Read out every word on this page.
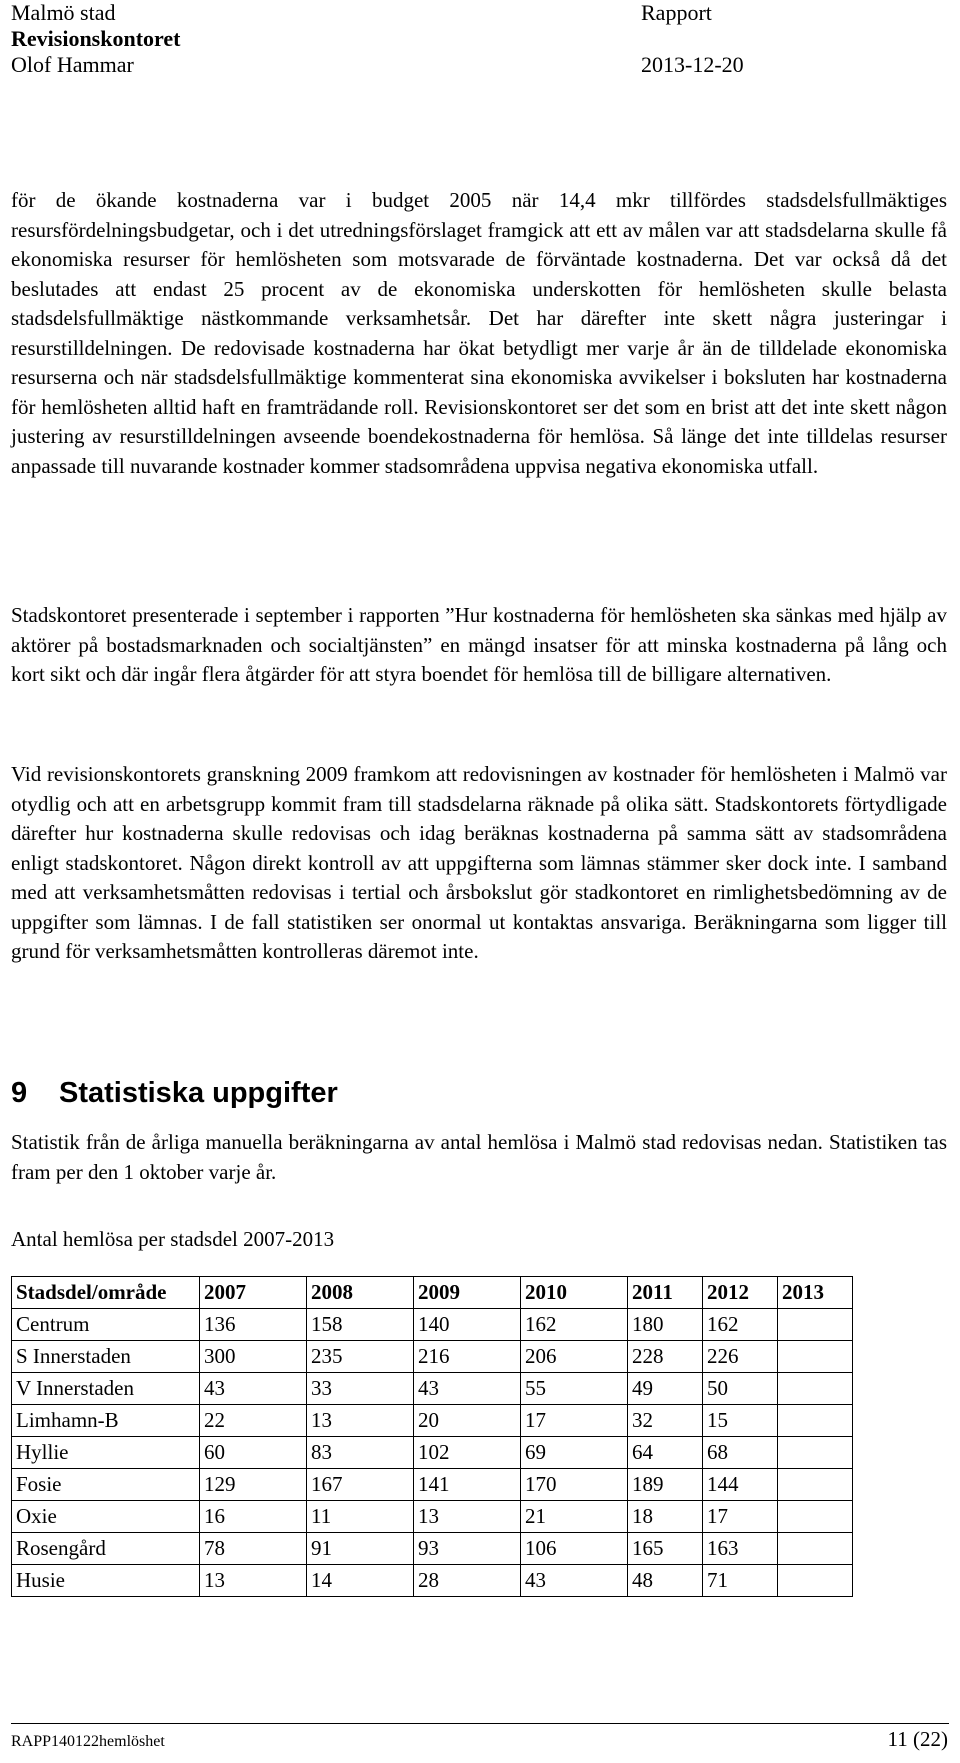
Malmö stad	Rapport
Revisionskontoret
Olof Hammar	2013-12-20

för de ökande kostnaderna var i budget 2005 när 14,4 mkr tillfördes stadsdelsfullmäktiges resursfördelningsbudgetar, och i det utredningsförslaget framgick att ett av målen var att stadsdelarna skulle få ekonomiska resurser för hemlösheten som motsvarade de förväntade kostnaderna. Det var också då det beslutades att endast 25 procent av de ekonomiska underskotten för hemlösheten skulle belasta stadsdelsfullmäktige nästkommande verksamhetsår. Det har därefter inte skett några justeringar i resurstilldelningen. De redovisade kostnaderna har ökat betydligt mer varje år än de tilldelade ekonomiska resurserna och när stadsdelsfullmäktige kommenterat sina ekonomiska avvikelser i boksluten har kostnaderna för hemlösheten alltid haft en framträdande roll. Revisionskontoret ser det som en brist att det inte skett någon justering av resurstilldelningen avseende boendekostnaderna för hemlösa. Så länge det inte tilldelas resurser anpassade till nuvarande kostnader kommer stadsområdena uppvisa negativa ekonomiska utfall.

Stadskontoret presenterade i september i rapporten ”Hur kostnaderna för hemlösheten ska sänkas med hjälp av aktörer på bostadsmarknaden och socialtjänsten” en mängd insatser för att minska kostnaderna på lång och kort sikt och där ingår flera åtgärder för att styra boendet för hemlösa till de billigare alternativen.

Vid revisionskontorets granskning 2009 framkom att redovisningen av kostnader för hemlösheten i Malmö var otydlig och att en arbetsgrupp kommit fram till stadsdelarna räknade på olika sätt. Stadskontorets förtydligade därefter hur kostnaderna skulle redovisas och idag beräknas kostnaderna på samma sätt av stadsområdena enligt stadskontoret. Någon direkt kontroll av att uppgifterna som lämnas stämmer sker dock inte. I samband med att verksamhetsmåtten redovisas i tertial och årsbokslut gör stadkontoret en rimlighetsbedömning av de uppgifter som lämnas. I de fall statistiken ser onormal ut kontaktas ansvariga. Beräkningarna som ligger till grund för verksamhetsmåtten kontrolleras däremot inte.

9 Statistiska uppgifter

Statistik från de årliga manuella beräkningarna av antal hemlösa i Malmö stad redovisas nedan. Statistiken tas fram per den 1 oktober varje år.

Antal hemlösa per stadsdel 2007-2013
Stadsdel/område	2007	2008	2009	2010	2011	2012	2013
Centrum	136	158	140	162	180	162	
S Innerstaden	300	235	216	206	228	226	
V Innerstaden	43	33	43	55	49	50	
Limhamn-B	22	13	20	17	32	15	
Hyllie	60	83	102	69	64	68	
Fosie	129	167	141	170	189	144	
Oxie	16	11	13	21	18	17	
Rosengård	78	91	93	106	165	163	
Husie	13	14	28	43	48	71	
RAPP140122hemlöshet	11 (22)
